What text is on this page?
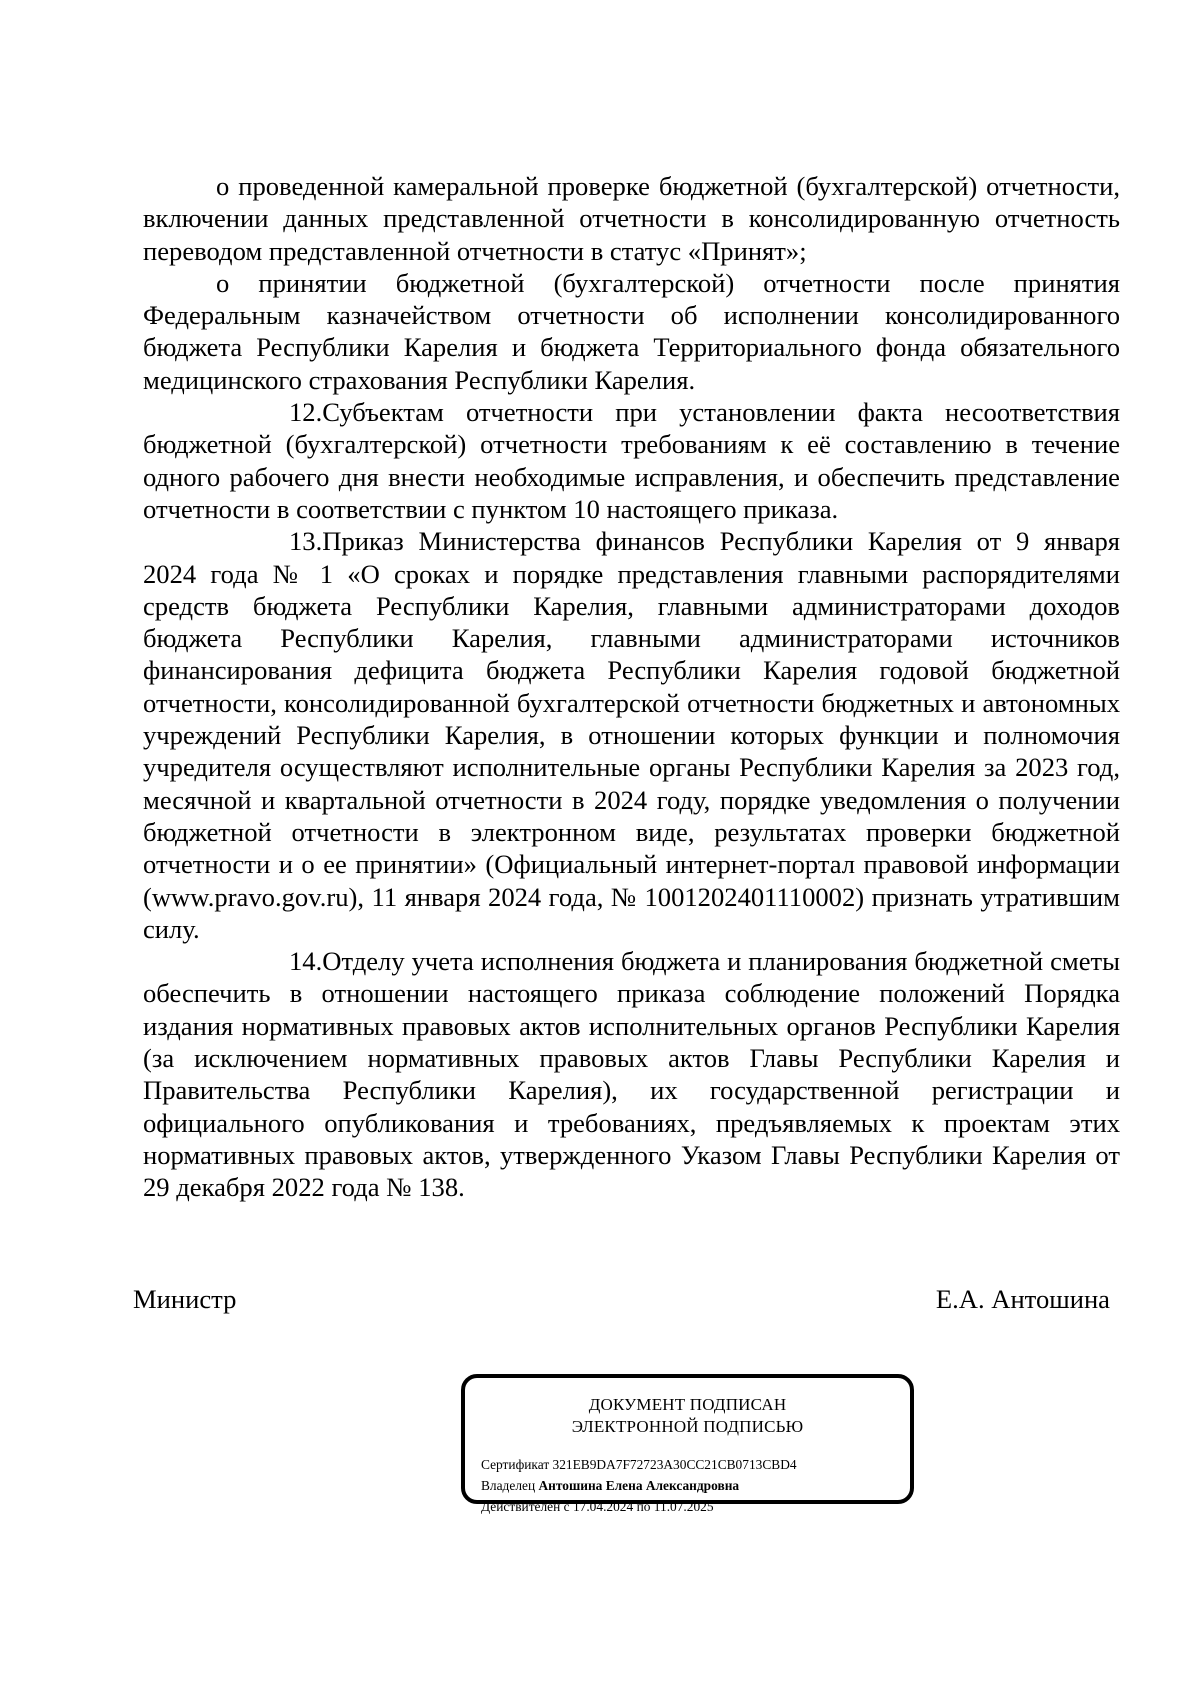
о проведенной камеральной проверке бюджетной (бухгалтерской) отчетности, включении данных представленной отчетности в консолидированную отчетность переводом представленной отчетности в статус «Принят»;

о принятии бюджетной (бухгалтерской) отчетности после принятия Федеральным казначейством отчетности об исполнении консолидированного бюджета Республики Карелия и бюджета Территориального фонда обязательного медицинского страхования Республики Карелия.

12.Субъектам отчетности при установлении факта несоответствия бюджетной (бухгалтерской) отчетности требованиям к её составлению в течение одного рабочего дня внести необходимые исправления, и обеспечить представление отчетности в соответствии с пунктом 10 настоящего приказа.

13.Приказ Министерства финансов Республики Карелия от 9 января 2024 года № 1 «О сроках и порядке представления главными распорядителями средств бюджета Республики Карелия, главными администраторами доходов бюджета Республики Карелия, главными администраторами источников финансирования дефицита бюджета Республики Карелия годовой бюджетной отчетности, консолидированной бухгалтерской отчетности бюджетных и автономных учреждений Республики Карелия, в отношении которых функции и полномочия учредителя осуществляют исполнительные органы Республики Карелия за 2023 год, месячной и квартальной отчетности в 2024 году, порядке уведомления о получении бюджетной отчетности в электронном виде, результатах проверки бюджетной отчетности и о ее принятии» (Официальный интернет-портал правовой информации (www.pravo.gov.ru), 11 января 2024 года, № 1001202401110002) признать утратившим силу.

14.Отделу учета исполнения бюджета и планирования бюджетной сметы обеспечить в отношении настоящего приказа соблюдение положений Порядка издания нормативных правовых актов исполнительных органов Республики Карелия (за исключением нормативных правовых актов Главы Республики Карелия и Правительства Республики Карелия), их государственной регистрации и официального опубликования и требованиях, предъявляемых к проектам этих нормативных правовых актов, утвержденного Указом Главы Республики Карелия от 29 декабря 2022 года № 138.

Министр	Е.А. Антошина
ДОКУМЕНТ ПОДПИСАН
ЭЛЕКТРОННОЙ ПОДПИСЬЮ
Сертификат 321EB9DA7F72723A30CC21CB0713CBD4
Владелец Антошина Елена Александровна
Действителен с 17.04.2024 по 11.07.2025
